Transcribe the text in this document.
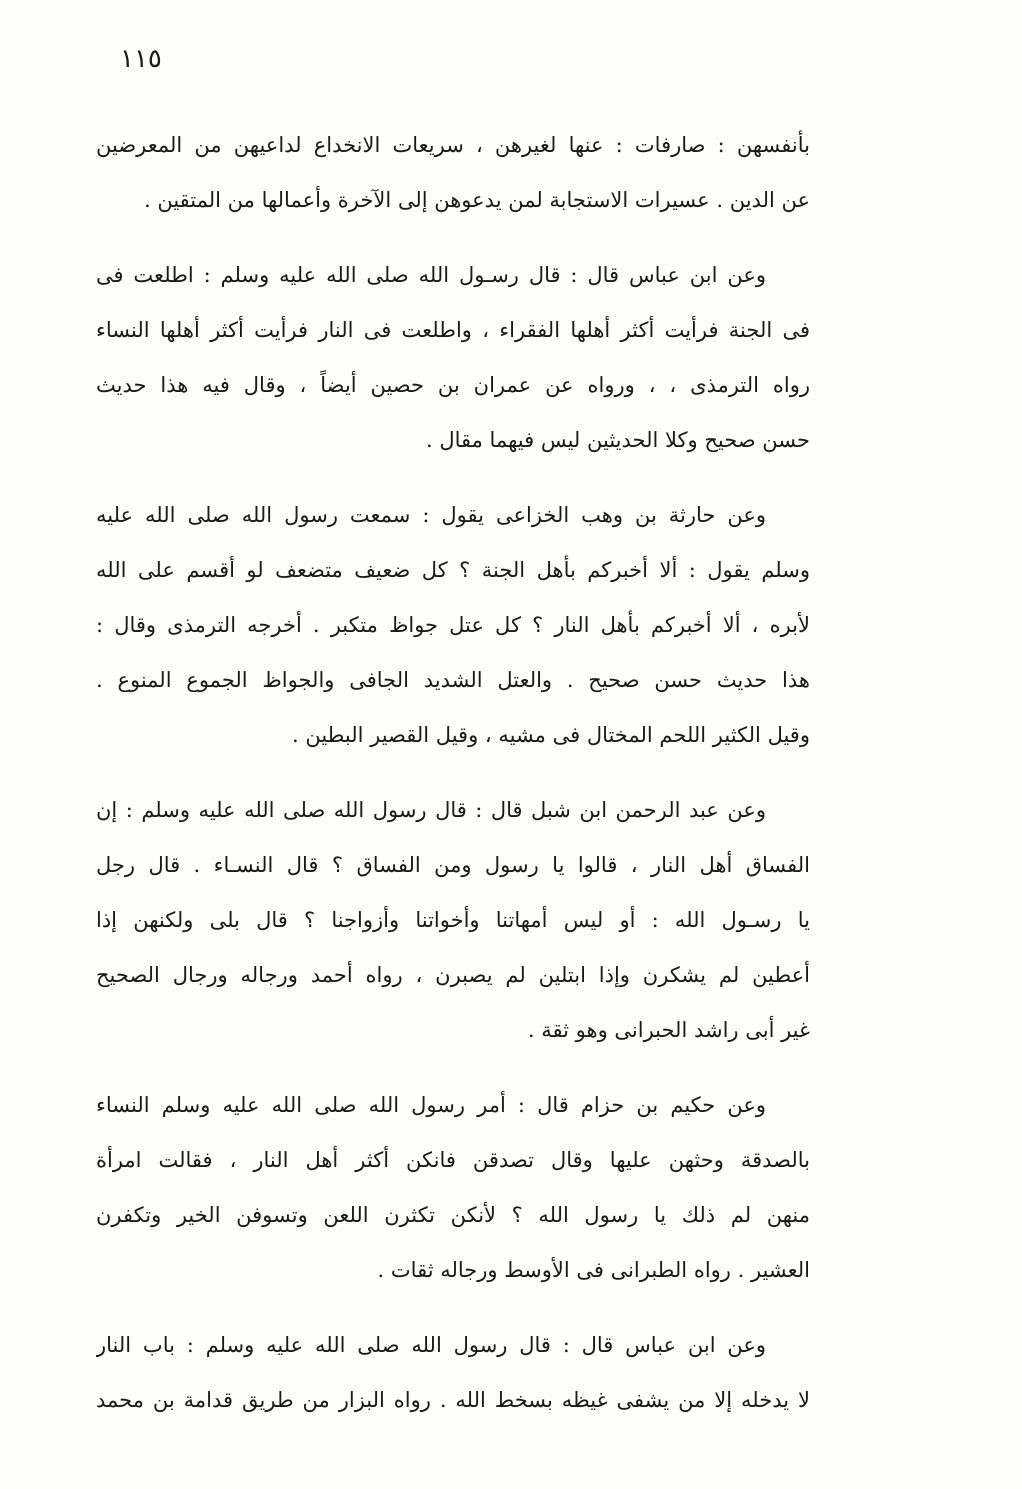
١١٥
بأنفسهن : صارفات : عنها لغيرهن ، سريعات الانخداع لداعيهن من المعرضين
عن الدين . عسيرات الاستجابة لمن يدعوهن إلى الآخرة وأعمالها من المتقين .
وعن ابن عباس قال : قال رسـول الله صلى الله عليه وسلم : اطلعت فى
فى الجنة فرأيت أكثر أهلها الفقراء ، واطلعت فى النار فرأيت أكثر أهلها النساء
رواه الترمذى ، ، ورواه عن عمران بن حصين أيضاً ، وقال فيه هذا حديث
حسن صحيح وكلا الحديثين ليس فيهما مقال .
وعن حارثة بن وهب الخزاعى يقول : سمعت رسول الله صلى الله عليه
وسلم يقول : ألا أخبركم بأهل الجنة ؟ كل ضعيف متضعف لو أقسم على الله
لأبره ، ألا أخبركم بأهل النار ؟ كل عتل جواظ متكبر . أخرجه الترمذى وقال :
هذا حديث حسن صحيح . والعتل الشديد الجافى والجواظ الجموع المنوع .
وقيل الكثير اللحم المختال فى مشيه ، وقيل القصير البطين .
وعن عبد الرحمن ابن شبل قال : قال رسول الله صلى الله عليه وسلم : إن
الفساق أهل النار ، قالوا يا رسول ومن الفساق ؟ قال النسـاء . قال رجل
يا رسـول الله : أو ليس أمهاتنا وأخواتنا وأزواجنا ؟ قال بلى ولكنهن إذا
أعطين لم يشكرن وإذا ابتلين لم يصبرن ، رواه أحمد ورجاله ورجال الصحيح
غير أبى راشد الحبرانى وهو ثقة .
وعن حكيم بن حزام قال : أمر رسول الله صلى الله عليه وسلم النساء
بالصدقة وحثهن عليها وقال تصدقن فانكن أكثر أهل النار ، فقالت امرأة
منهن لم ذلك يا رسول الله ؟ لأنكن تكثرن اللعن وتسوفن الخير وتكفرن
العشير . رواه الطبرانى فى الأوسط ورجاله ثقات .
وعن ابن عباس قال : قال رسول الله صلى الله عليه وسلم : باب النار
لا يدخله إلا من يشفى غيظه بسخط الله . رواه البزار من طريق قدامة بن محمد
